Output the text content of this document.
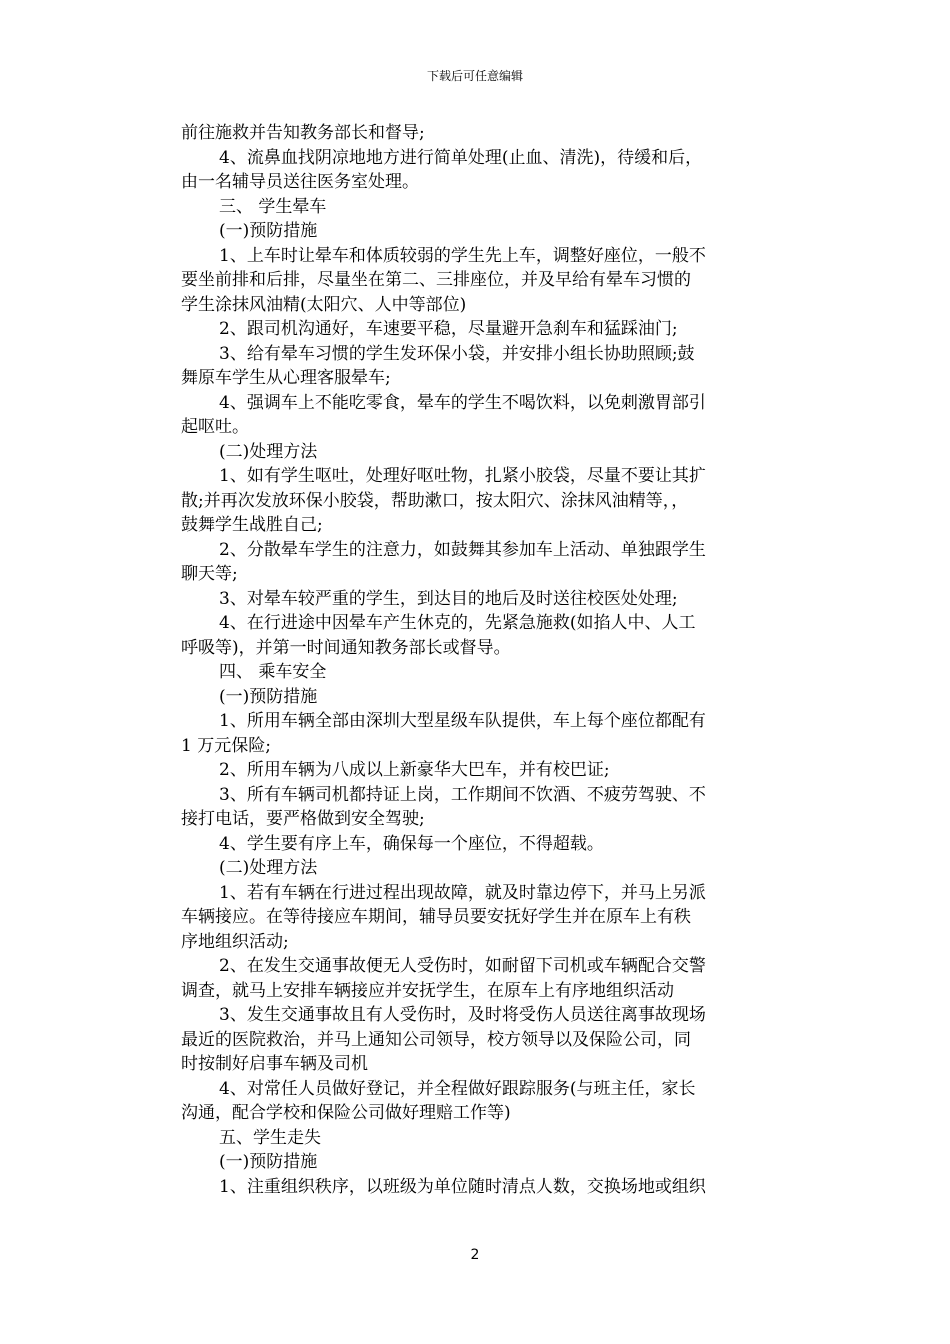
下载后可任意编辑
前往施救并告知教务部长和督导;
4、流鼻血找阴凉地地方进行简单处理(止血、清洗)，待缓和后，
由一名辅导员送往医务室处理。
三、 学生晕车
(一)预防措施
1、上车时让晕车和体质较弱的学生先上车，调整好座位，一般不
要坐前排和后排，尽量坐在第二、三排座位，并及早给有晕车习惯的
学生涂抹风油精(太阳穴、人中等部位)
2、跟司机沟通好，车速要平稳，尽量避开急刹车和猛踩油门;
3、给有晕车习惯的学生发环保小袋，并安排小组长协助照顾;鼓
舞原车学生从心理客服晕车;
4、强调车上不能吃零食，晕车的学生不喝饮料，以免刺激胃部引
起呕吐。
(二)处理方法
1、如有学生呕吐，处理好呕吐物，扎紧小胶袋，尽量不要让其扩
散;并再次发放环保小胶袋，帮助漱口，按太阳穴、涂抹风油精等，，
鼓舞学生战胜自己;
2、分散晕车学生的注意力，如鼓舞其参加车上活动、单独跟学生
聊天等;
3、对晕车较严重的学生，到达目的地后及时送往校医处处理;
4、在行进途中因晕车产生休克的，先紧急施救(如掐人中、人工
呼吸等)，并第一时间通知教务部长或督导。
四、 乘车安全
(一)预防措施
1、所用车辆全部由深圳大型星级车队提供，车上每个座位都配有
1 万元保险;
2、所用车辆为八成以上新豪华大巴车，并有校巴证;
3、所有车辆司机都持证上岗，工作期间不饮酒、不疲劳驾驶、不
接打电话，要严格做到安全驾驶;
4、学生要有序上车，确保每一个座位，不得超载。
(二)处理方法
1、若有车辆在行进过程出现故障，就及时靠边停下，并马上另派
车辆接应。在等待接应车期间，辅导员要安抚好学生并在原车上有秩
序地组织活动;
2、在发生交通事故便无人受伤时，如耐留下司机或车辆配合交警
调查，就马上安排车辆接应并安抚学生，在原车上有序地组织活动
3、发生交通事故且有人受伤时，及时将受伤人员送往离事故现场
最近的医院救治，并马上通知公司领导，校方领导以及保险公司，同
时按制好启事车辆及司机
4、对常任人员做好登记，并全程做好跟踪服务(与班主任，家长
沟通，配合学校和保险公司做好理赔工作等)
五、学生走失
(一)预防措施
1、注重组织秩序，以班级为单位随时清点人数，交换场地或组织
2
